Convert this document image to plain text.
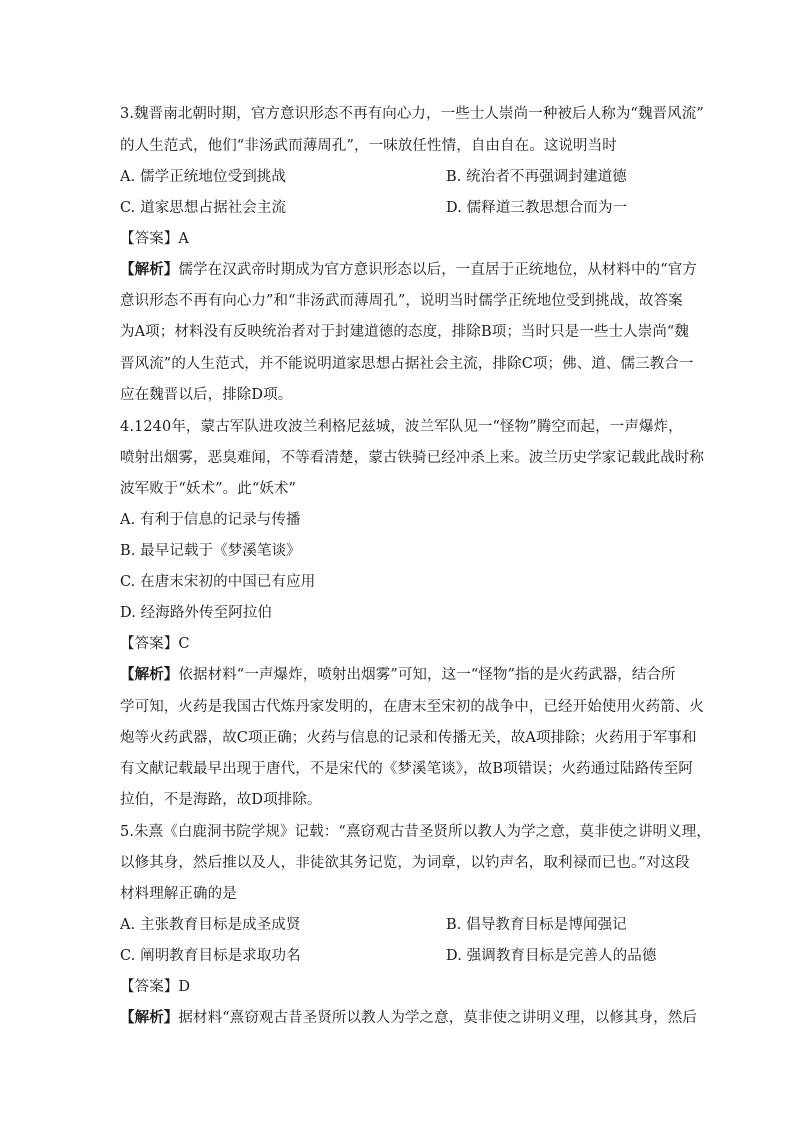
3.魏晋南北朝时期，官方意识形态不再有向心力，一些士人崇尚一种被后人称为“魏晋风流”
的人生范式，他们“非汤武而薄周孔”，一味放任性情，自由自在。这说明当时
A. 儒学正统地位受到挑战	B. 统治者不再强调封建道德
C. 道家思想占据社会主流	D. 儒释道三教思想合而为一
【答案】A
【解析】儒学在汉武帝时期成为官方意识形态以后，一直居于正统地位，从材料中的“官方
意识形态不再有向心力”和“非汤武而薄周孔”，说明当时儒学正统地位受到挑战，故答案
为A项；材料没有反映统治者对于封建道德的态度，排除B项；当时只是一些士人崇尚“魏
晋风流”的人生范式，并不能说明道家思想占据社会主流，排除C项；佛、道、儒三教合一
应在魏晋以后，排除D项。
4.1240年，蒙古军队进攻波兰利格尼兹城，波兰军队见一“怪物”腾空而起，一声爆炸，
喷射出烟雾，恶臭难闻，不等看清楚，蒙古铁骑已经冲杀上来。波兰历史学家记载此战时称
波军败于“妖术”。此“妖术”
A. 有利于信息的记录与传播
B. 最早记载于《梦溪笔谈》
C. 在唐末宋初的中国已有应用
D. 经海路外传至阿拉伯
【答案】C
【解析】依据材料“一声爆炸，喷射出烟雾”可知，这一“怪物”指的是火药武器，结合所
学可知，火药是我国古代炼丹家发明的，在唐末至宋初的战争中，已经开始使用火药箭、火
炮等火药武器，故C项正确；火药与信息的记录和传播无关，故A项排除；火药用于军事和
有文献记载最早出现于唐代，不是宋代的《梦溪笔谈》，故B项错误；火药通过陆路传至阿
拉伯，不是海路，故D项排除。
5.朱熹《白鹿洞书院学规》记载：“熹窃观古昔圣贤所以教人为学之意，莫非使之讲明义理，
以修其身，然后推以及人，非徒欲其务记览，为词章，以钓声名，取利禄而已也。”对这段
材料理解正确的是
A. 主张教育目标是成圣成贤	B. 倡导教育目标是博闻强记
C. 阐明教育目标是求取功名	D. 强调教育目标是完善人的品德
【答案】D
【解析】据材料“熹窃观古昔圣贤所以教人为学之意，莫非使之讲明义理，以修其身，然后
